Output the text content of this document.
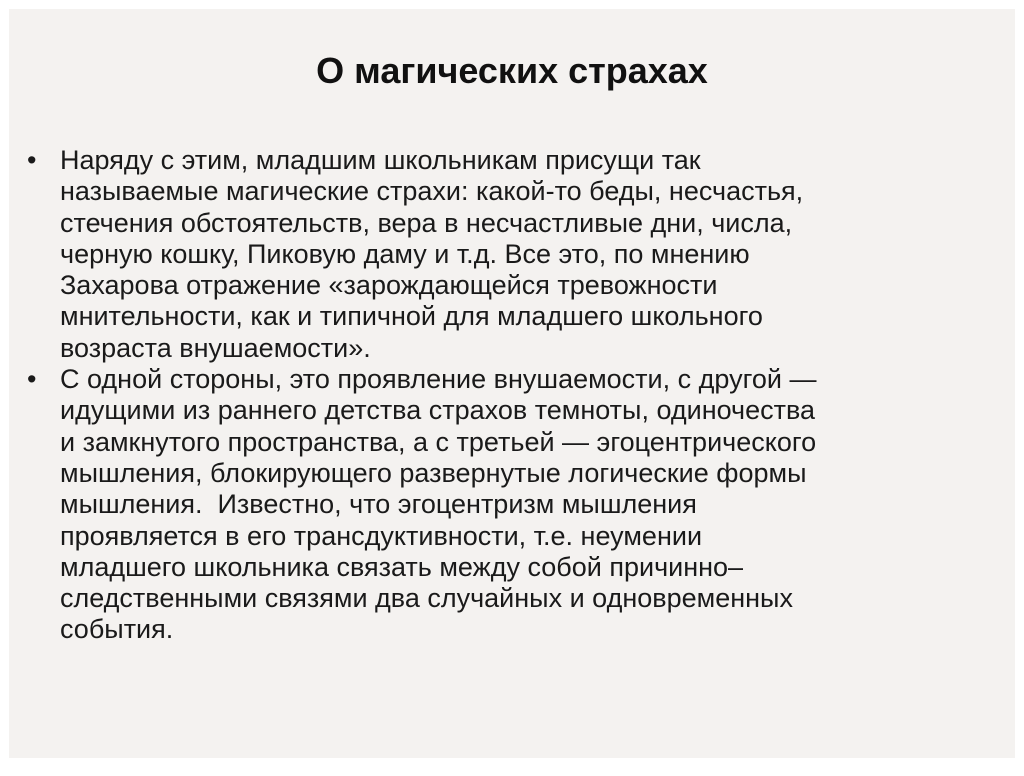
О магических страхах
• Наряду с этим, младшим школьникам присущи так
называемые магические страхи: какой-то беды, несчастья,
стечения обстоятельств, вера в несчастливые дни, числа,
черную кошку, Пиковую даму и т.д. Все это, по мнению
Захарова отражение «зарождающейся тревожности
мнительности, как и типичной для младшего школьного
возраста внушаемости».
• С одной стороны, это проявление внушаемости, с другой —
идущими из раннего детства страхов темноты, одиночества
и замкнутого пространства, а с третьей — эгоцентрического
мышления, блокирующего развернутые логические формы
мышления.  Известно, что эгоцентризм мышления
проявляется в его трансдуктивности, т.е. неумении
младшего школьника связать между собой причинно–
следственными связями два случайных и одновременных
события.
